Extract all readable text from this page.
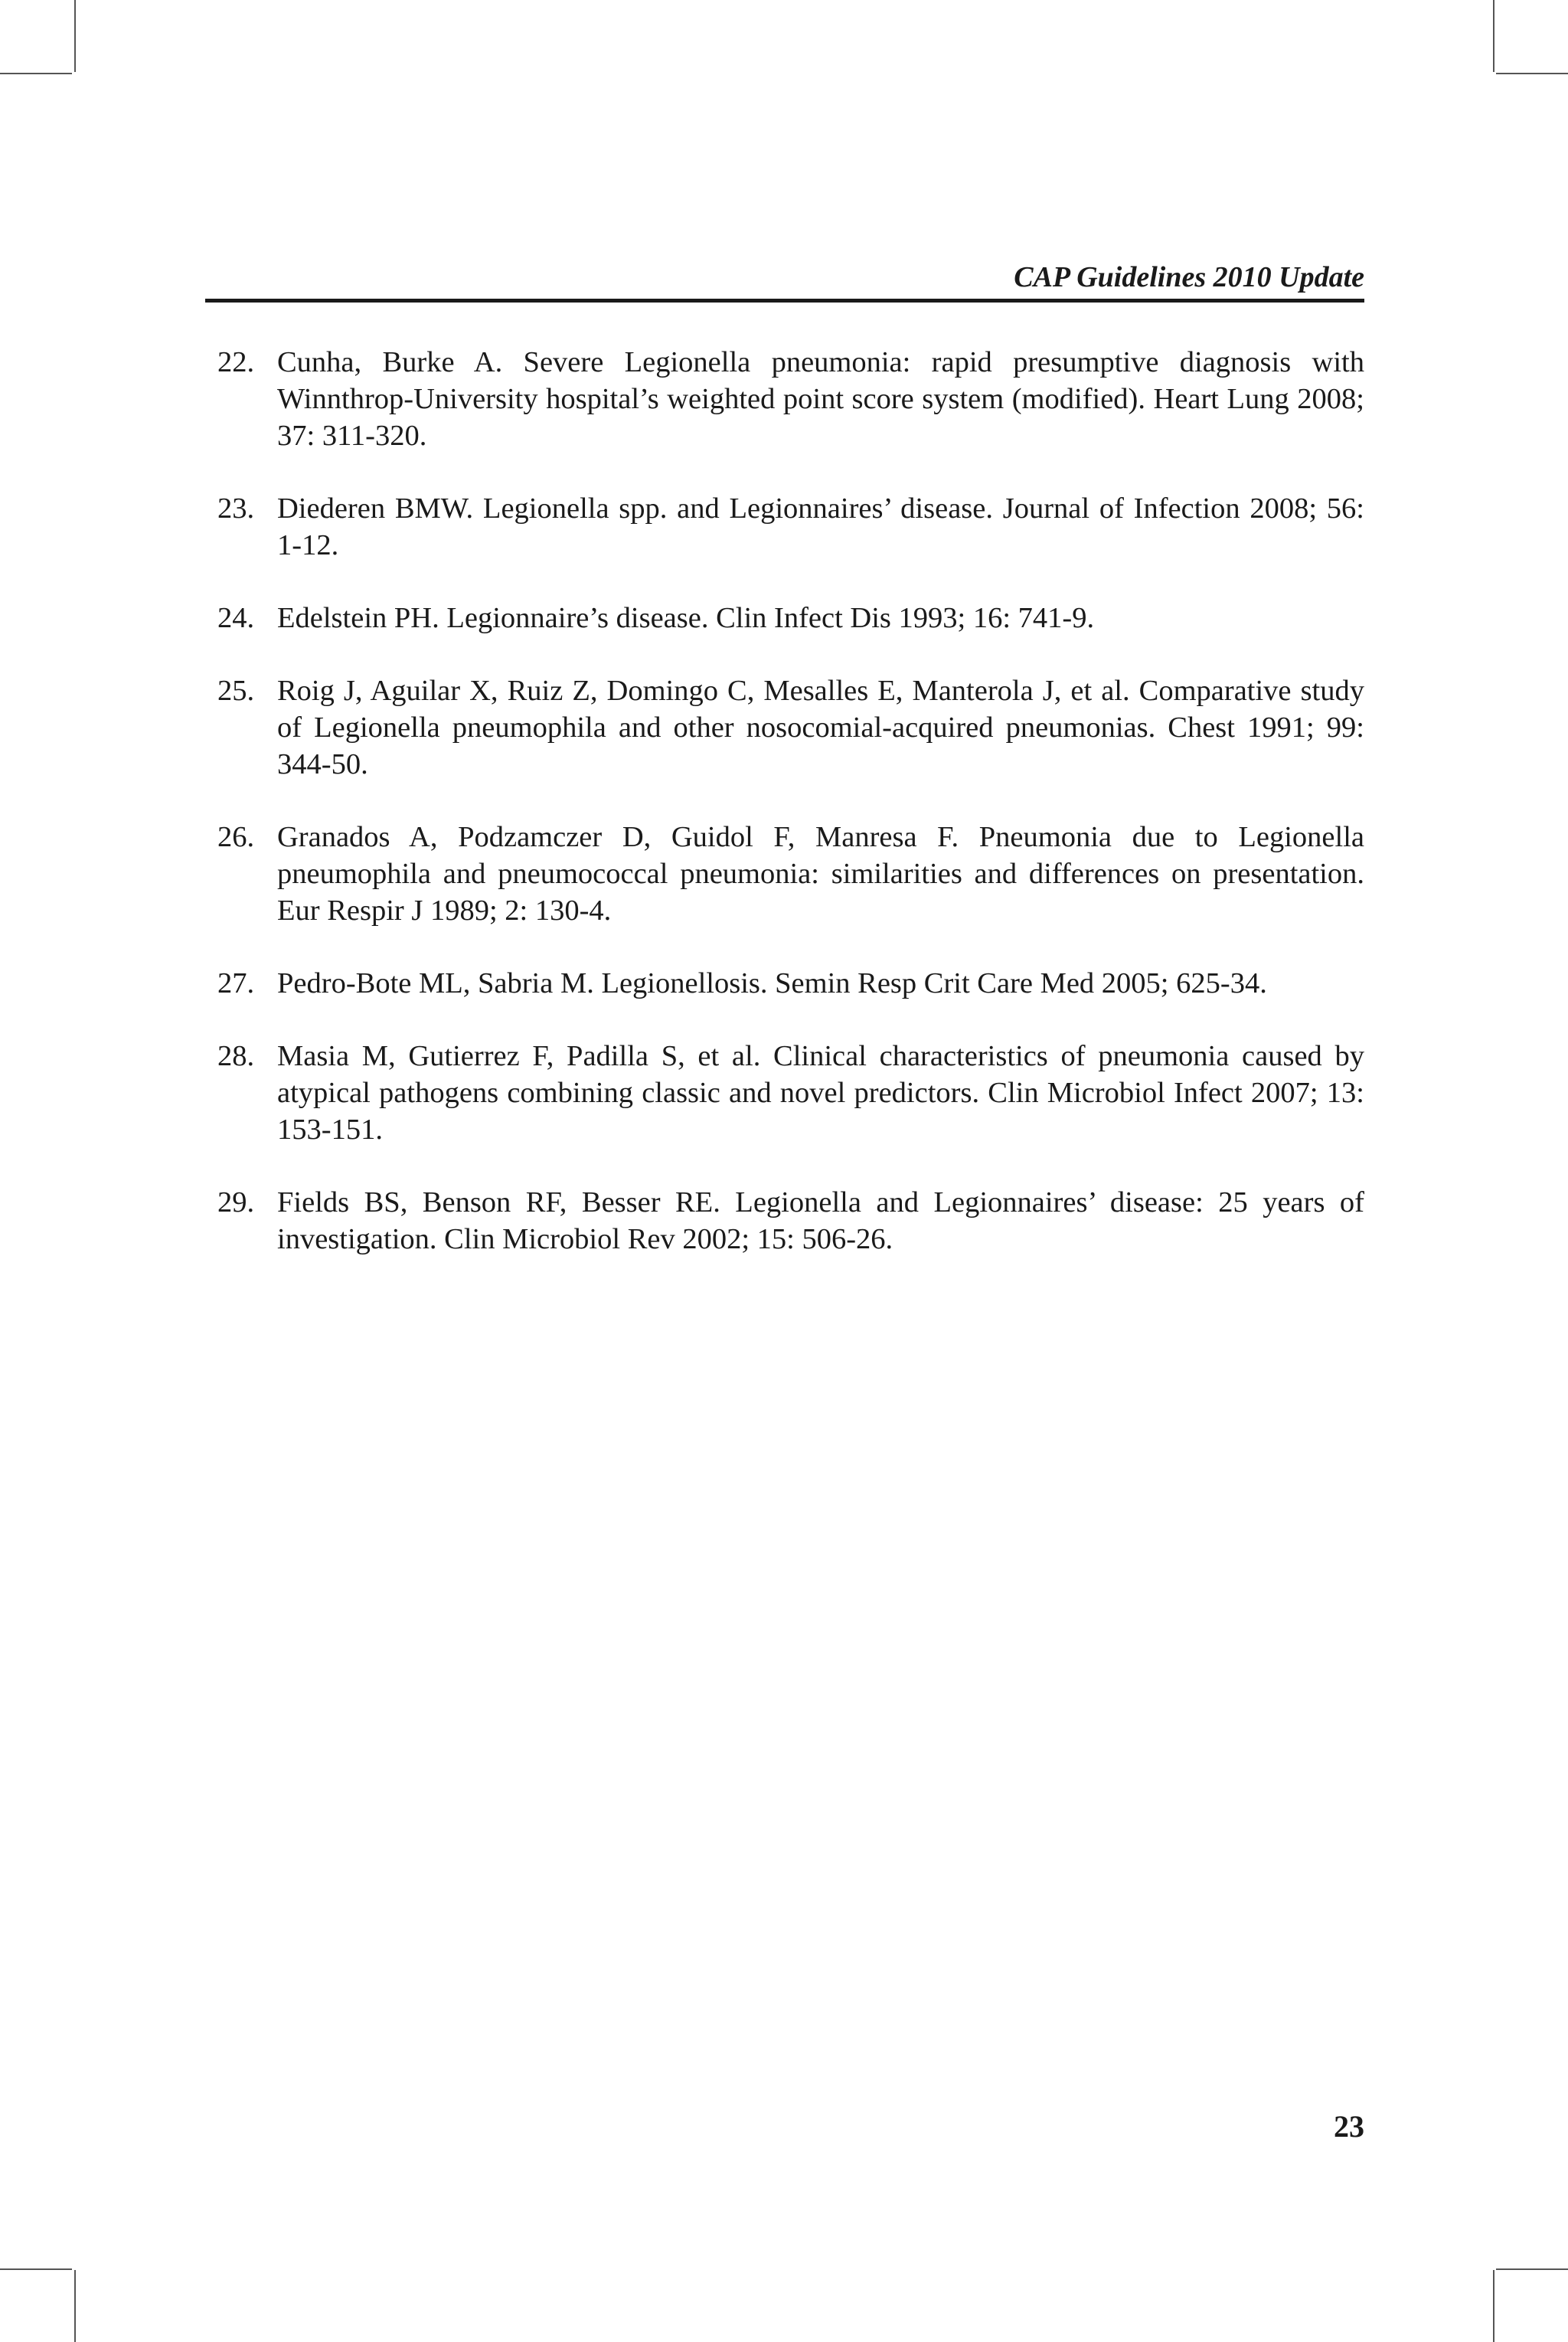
CAP Guidelines 2010 Update
22. Cunha, Burke A. Severe Legionella pneumonia: rapid presumptive diagnosis with Winnthrop-University hospital’s weighted point score system (modified). Heart Lung 2008; 37: 311-320.
23. Diederen BMW. Legionella spp. and Legionnaires’ disease. Journal of Infection 2008; 56: 1-12.
24. Edelstein PH. Legionnaire’s disease. Clin Infect Dis 1993; 16: 741-9.
25. Roig J, Aguilar X, Ruiz Z, Domingo C, Mesalles E, Manterola J, et al. Comparative study of Legionella pneumophila and other nosocomial-acquired pneumonias. Chest 1991; 99: 344-50.
26. Granados A, Podzamczer D, Guidol F, Manresa F. Pneumonia due to Legionella pneumophila and pneumococcal pneumonia: similarities and differences on presentation. Eur Respir J 1989; 2: 130-4.
27. Pedro-Bote ML, Sabria M. Legionellosis. Semin Resp Crit Care Med 2005; 625-34.
28. Masia M, Gutierrez F, Padilla S, et al. Clinical characteristics of pneumonia caused by atypical pathogens combining classic and novel predictors. Clin Microbiol Infect 2007; 13: 153-151.
29. Fields BS, Benson RF, Besser RE. Legionella and Legionnaires’ disease: 25 years of investigation. Clin Microbiol Rev 2002; 15: 506-26.
23
